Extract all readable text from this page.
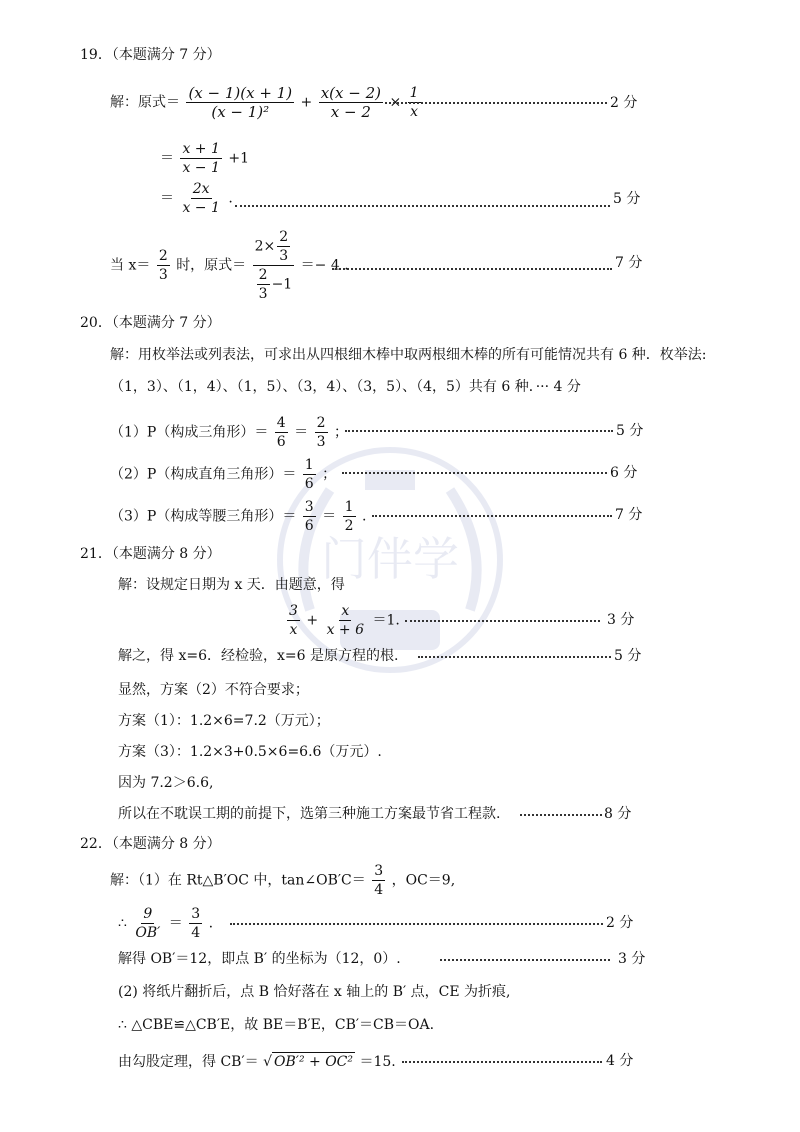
门伴学
19．（本题满分 7 分）
解：原式＝ $\frac{(x - 1)(x + 1)}{\text{(x − 1)²}} + \frac{x(x - 2)}{x - 2} \times \frac{1}{x}$	2 分
＝ $\frac{x + 1}{x - 1} +1$
＝ $\frac{2x}{x - 1}$ .	5 分
当 $x= \frac{2}{3}$ 时，原式＝ $\frac{2\times \frac{2}{3}}{\frac{2}{3} -1} =- 4$ .	7 分
20．（本题满分 7 分）
解：用枚举法或列表法，可求出从四根细木棒中取两根细木棒的所有可能情况共有 6 种．枚举法:
（1，3）、（1，4）、（1，5）、（3，4）、（3，5）、（4，5）共有 6 种．··· 4 分
（1）P（构成三角形）＝ $\frac{4}{6} = \frac{2}{3}$ ；	5 分
（2）P（构成直角三角形）＝ $\frac{1}{6}$ ；	6 分
（3）P（构成等腰三角形）＝ $\frac{3}{6} = \frac{1}{2}$ .	7 分
21．（本题满分 8 分）
解：设规定日期为 x 天．由题意，得
$\frac{3}{x} + \frac{x}{x + 6} =1$.	3 分
解之，得 x=6．经检验，x=6 是原方程的根.	5 分
显然，方案（2）不符合要求；
方案（1）：1.2×6=7.2（万元）；
方案（3）：1.2×3+0.5×6=6.6（万元）.
因为 7.2＞6.6,
所以在不耽误工期的前提下，选第三种施工方案最节省工程款.	8 分
22．（本题满分 8 分）
解：（1）在 Rt△B′OC 中，tan∠OB′C＝ $\frac{3}{4}$ ，OC＝9,
∴ $\frac{9}{OB'} = \frac{3}{4}$ .	2 分
解得 OB′＝12，即点 B′ 的坐标为（12，0）.	3 分
(2) 将纸片翻折后，点 B 恰好落在 x 轴上的 B′ 点，CE 为折痕,
∴ △CBE≌△CB′E，故 BE＝B′E，CB′＝CB＝OA.
由勾股定理，得 CB′＝ √ OB′² + OC² ＝15.	4 分
